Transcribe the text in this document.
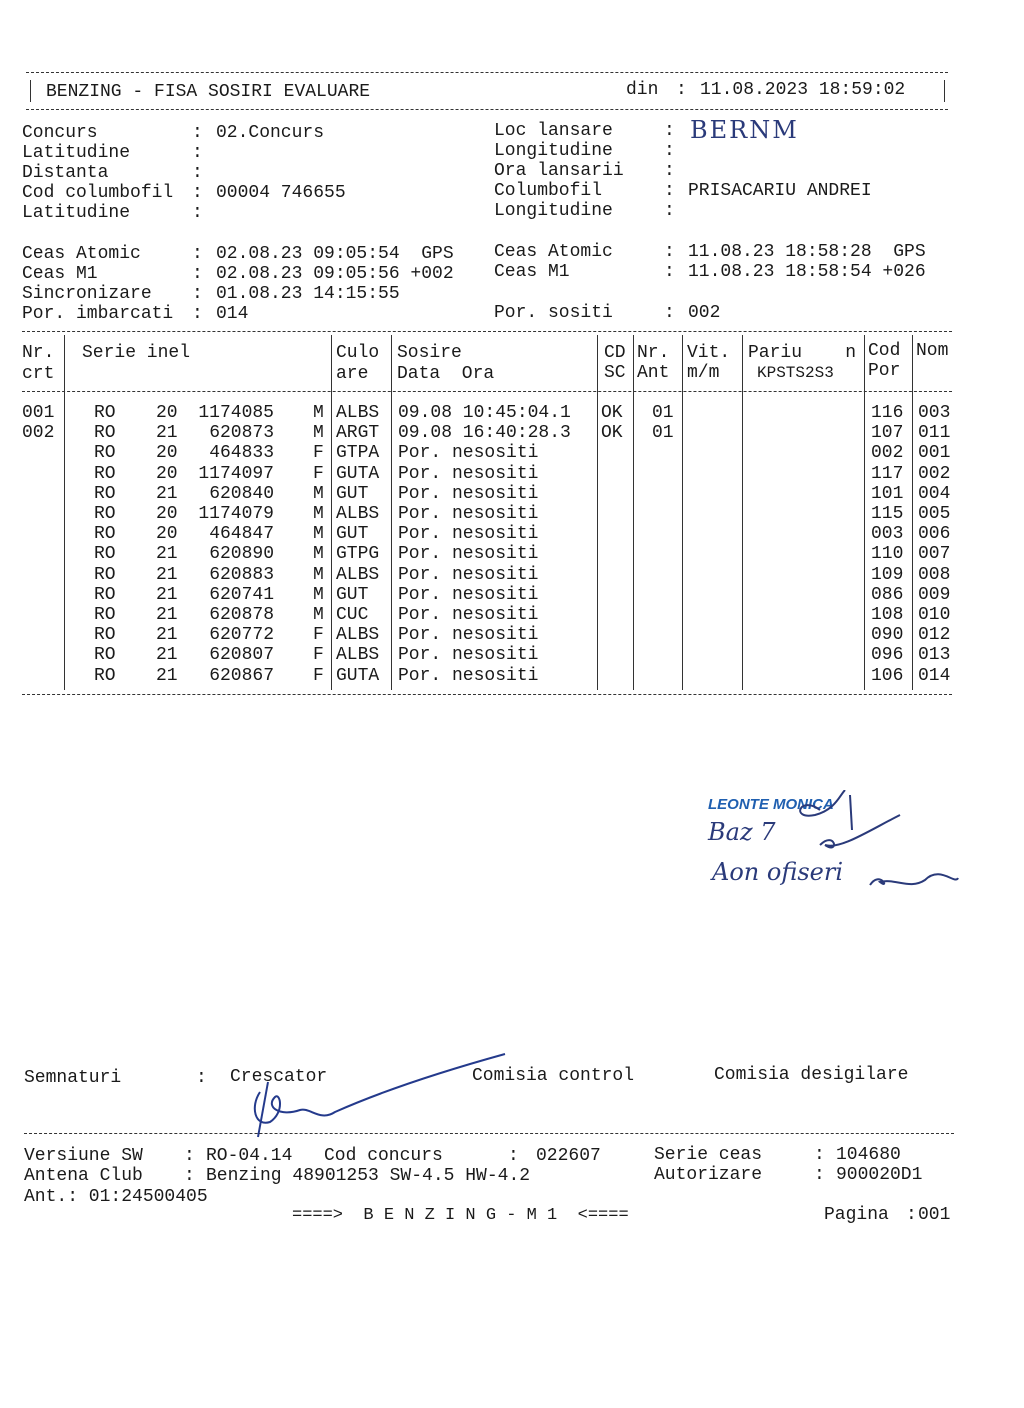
BENZING - FISA SOSIRI EVALUARE	din : 11.08.2023 18:59:02
Concurs	: 02.Concurs
Latitudine	:
Distanta	:
Cod columbofil : 00004 746655
Latitudine	:
Loc lansare	: BERNM
Longitudine	:
Ora lansarii :
Columbofil	: PRISACARIU ANDREI
Longitudine	:
Ceas Atomic	: 02.08.23 09:05:54  GPS
Ceas M1	: 02.08.23 09:05:56 +002
Sincronizare : 01.08.23 14:15:55
Por. imbarcati : 014
Ceas Atomic	: 11.08.23 18:58:28  GPS
Ceas M1	: 11.08.23 18:58:54 +026
Por. sositi	: 002
Nr. Serie inel	Culo Sosire	CD Nr. Vit. Pariu    n Cod Nom
crt	are Data  Ora	SC Ant m/m KPSTS2S3 Por
001 RO 20 1174085 M ALBS 09.08 10:45:04.1 OK 01	116 003
002 RO 21 620873 M ARGT 09.08 16:40:28.3 OK 01	107 011
RO 20 464833 F GTPA Por. nesositi	002 001
RO 20 1174097 F GUTA Por. nesositi	117 002
RO 21 620840 M GUT Por. nesositi	101 004
RO 20 1174079 M ALBS Por. nesositi	115 005
RO 20 464847 M GUT Por. nesositi	003 006
RO 21 620890 M GTPG Por. nesositi	110 007
RO 21 620883 M ALBS Por. nesositi	109 008
RO 21 620741 M GUT Por. nesositi	086 009
RO 21 620878 M CUC Por. nesositi	108 010
RO 21 620772 F ALBS Por. nesositi	090 012
RO 21 620807 F ALBS Por. nesositi	096 013
RO 21 620867 F GUTA Por. nesositi	106 014
LEONTE MONICA
Baz 7
Aon ofiseri
Semnaturi	: Crescator	Comisia control	Comisia desigilare
Versiune SW : RO-04.14 Cod concurs	: 022607	Serie ceas	: 104680
Antena Club : Benzing 48901253 SW-4.5 HW-4.2	Autorizare	: 900020D1
Ant.: 01:24500405
====>  B E N Z I N G - M 1  <====	Pagina : 001
